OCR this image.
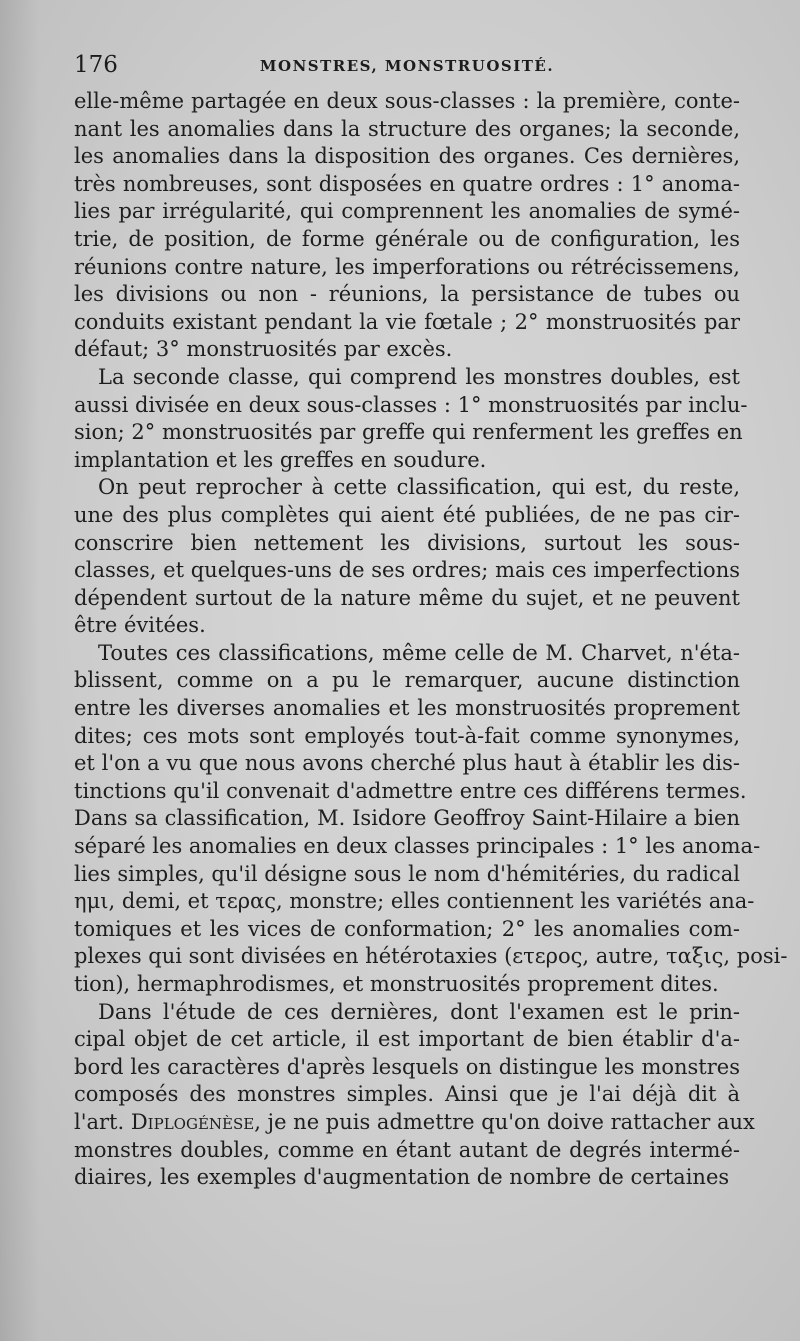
176	MONSTRES, MONSTRUOSITÉ.
elle-même partagée en deux sous-classes : la première, conte-
nant les anomalies dans la structure des organes; la seconde,
les anomalies dans la disposition des organes. Ces dernières,
très nombreuses, sont disposées en quatre ordres : 1° anoma-
lies par irrégularité, qui comprennent les anomalies de symé-
trie, de position, de forme générale ou de configuration, les
réunions contre nature, les imperforations ou rétrécissemens,
les divisions ou non - réunions, la persistance de tubes ou
conduits existant pendant la vie fœtale ; 2° monstruosités par
défaut; 3° monstruosités par excès.
La seconde classe, qui comprend les monstres doubles, est
aussi divisée en deux sous-classes : 1° monstruosités par inclu-
sion; 2° monstruosités par greffe qui renferment les greffes en
implantation et les greffes en soudure.
On peut reprocher à cette classification, qui est, du reste,
une des plus complètes qui aient été publiées, de ne pas cir-
conscrire bien nettement les divisions, surtout les sous-
classes, et quelques-uns de ses ordres; mais ces imperfections
dépendent surtout de la nature même du sujet, et ne peuvent
être évitées.
Toutes ces classifications, même celle de M. Charvet, n'éta-
blissent, comme on a pu le remarquer, aucune distinction
entre les diverses anomalies et les monstruosités proprement
dites; ces mots sont employés tout-à-fait comme synonymes,
et l'on a vu que nous avons cherché plus haut à établir les dis-
tinctions qu'il convenait d'admettre entre ces différens termes.
Dans sa classification, M. Isidore Geoffroy Saint-Hilaire a bien
séparé les anomalies en deux classes principales : 1° les anoma-
lies simples, qu'il désigne sous le nom d'hémitéries, du radical
ημι, demi, et τερας, monstre; elles contiennent les variétés ana-
tomiques et les vices de conformation; 2° les anomalies com-
plexes qui sont divisées en hétérotaxies (ετερος, autre, ταξις, posi-
tion), hermaphrodismes, et monstruosités proprement dites.
Dans l'étude de ces dernières, dont l'examen est le prin-
cipal objet de cet article, il est important de bien établir d'a-
bord les caractères d'après lesquels on distingue les monstres
composés des monstres simples. Ainsi que je l'ai déjà dit à
l'art. Diplogénèse, je ne puis admettre qu'on doive rattacher aux
monstres doubles, comme en étant autant de degrés intermé-
diaires, les exemples d'augmentation de nombre de certaines
